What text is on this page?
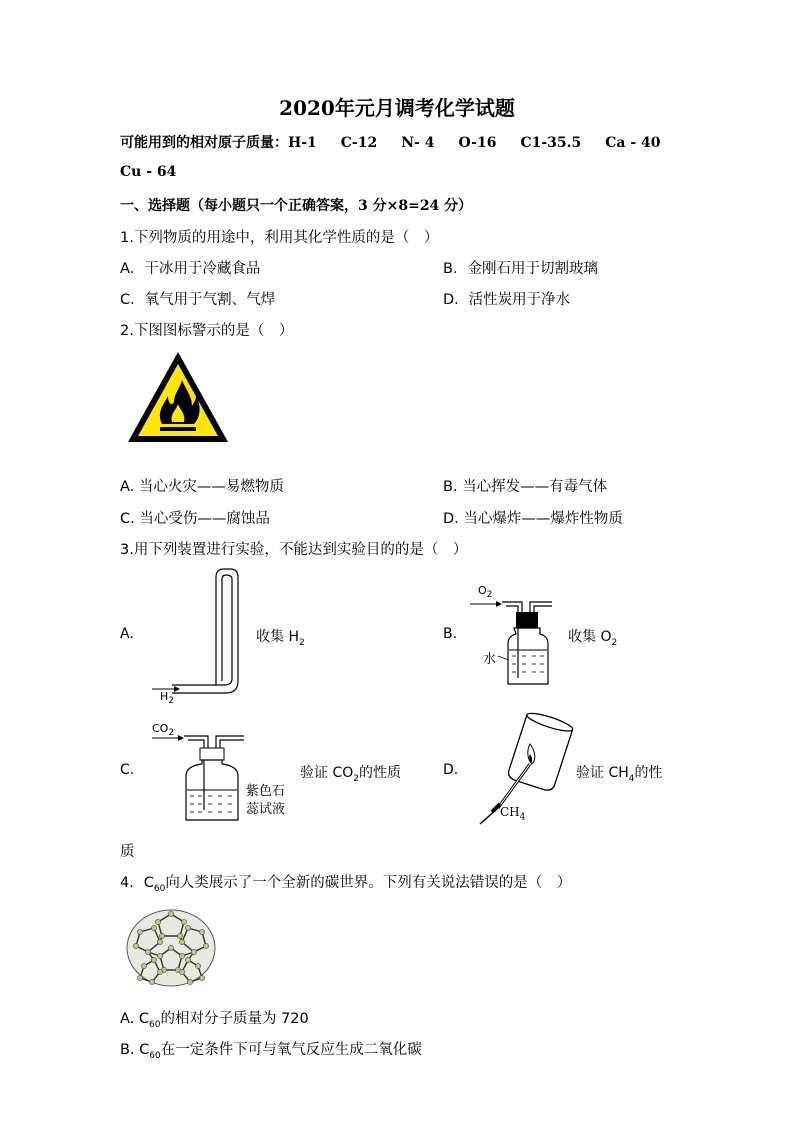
2020年元月调考化学试题
可能用到的相对原子质量：H-1 C-12 N- 4 O-16 C1-35.5 Ca - 40
Cu - 64
一、选择题（每小题只一个正确答案，3 分×8=24 分）
1.下列物质的用途中，利用其化学性质的是（　）
A．干冰用于冷藏食品	B．金刚石用于切割玻璃
C．氧气用于气割、气焊	D．活性炭用于净水
2.下图图标警示的是（　）
A. 当心火灾——易燃物质	B. 当心挥发——有毒气体
C. 当心受伤——腐蚀品	D. 当心爆炸——爆炸性物质
3.用下列装置进行实验，不能达到实验目的的是（　）
A.
$H_2$
收集 $H_2$
B.
$O_2$
水
收集 $O_2$
C.
$CO_2$
紫色石
蕊试液
验证 $CO_2$的性质	D.
$CH_4$
验证 $CH_4$的性
质
4．$C_{60}$向人类展示了一个全新的碳世界。下列有关说法错误的是（　）
A. $C_{60}$的相对分子质量为 720
B. $C_{60}$在一定条件下可与氧气反应生成二氧化碳
